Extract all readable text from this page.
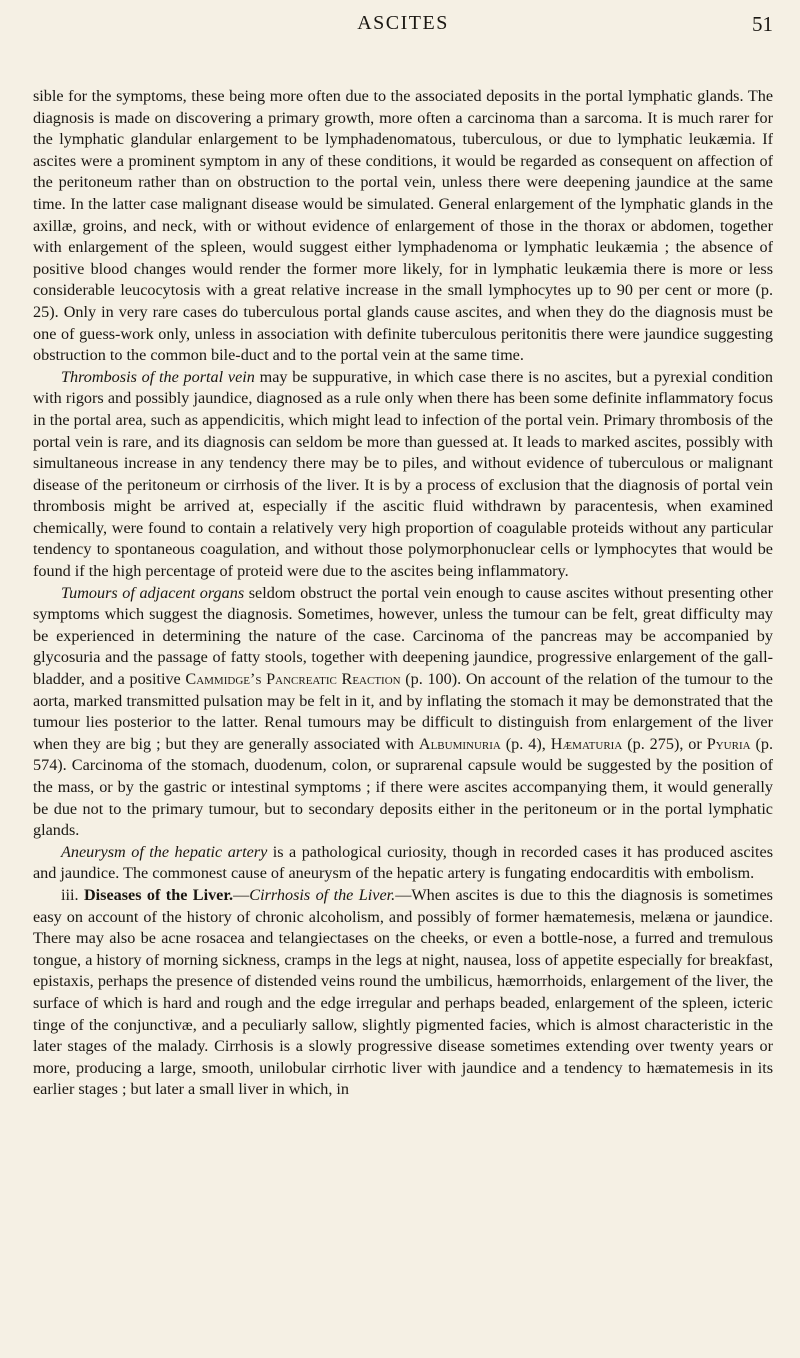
ASCITES	51

sible for the symptoms, these being more often due to the associated deposits in the portal lymphatic glands. The diagnosis is made on discovering a primary growth, more often a carcinoma than a sarcoma. It is much rarer for the lymphatic glandular enlargement to be lymphadenomatous, tuberculous, or due to lymphatic leukæmia. If ascites were a prominent symptom in any of these conditions, it would be regarded as consequent on affection of the peritoneum rather than on obstruction to the portal vein, unless there were deepening jaundice at the same time. In the latter case malignant disease would be simulated. General enlargement of the lymphatic glands in the axillæ, groins, and neck, with or without evidence of enlargement of those in the thorax or abdomen, together with enlargement of the spleen, would suggest either lymphadenoma or lymphatic leukæmia ; the absence of positive blood changes would render the former more likely, for in lymphatic leukæmia there is more or less considerable leucocytosis with a great relative increase in the small lymphocytes up to 90 per cent or more (p. 25). Only in very rare cases do tuberculous portal glands cause ascites, and when they do the diagnosis must be one of guess-work only, unless in association with definite tuberculous peritonitis there were jaundice suggesting obstruction to the common bile-duct and to the portal vein at the same time.

Thrombosis of the portal vein may be suppurative, in which case there is no ascites, but a pyrexial condition with rigors and possibly jaundice, diagnosed as a rule only when there has been some definite inflammatory focus in the portal area, such as appendicitis, which might lead to infection of the portal vein. Primary thrombosis of the portal vein is rare, and its diagnosis can seldom be more than guessed at. It leads to marked ascites, possibly with simultaneous increase in any tendency there may be to piles, and without evidence of tuberculous or malignant disease of the peritoneum or cirrhosis of the liver. It is by a process of exclusion that the diagnosis of portal vein thrombosis might be arrived at, especially if the ascitic fluid withdrawn by paracentesis, when examined chemically, were found to contain a relatively very high proportion of coagulable proteids without any particular tendency to spontaneous coagulation, and without those polymorphonuclear cells or lymphocytes that would be found if the high percentage of proteid were due to the ascites being inflammatory.

Tumours of adjacent organs seldom obstruct the portal vein enough to cause ascites without presenting other symptoms which suggest the diagnosis. Sometimes, however, unless the tumour can be felt, great difficulty may be experienced in determining the nature of the case. Carcinoma of the pancreas may be accompanied by glycosuria and the passage of fatty stools, together with deepening jaundice, progressive enlargement of the gall-bladder, and a positive Cammidge’s Pancreatic Reaction (p. 100). On account of the relation of the tumour to the aorta, marked transmitted pulsation may be felt in it, and by inflating the stomach it may be demonstrated that the tumour lies posterior to the latter. Renal tumours may be difficult to distinguish from enlargement of the liver when they are big ; but they are generally associated with Albuminuria (p. 4), Hæmaturia (p. 275), or Pyuria (p. 574). Carcinoma of the stomach, duodenum, colon, or suprarenal capsule would be suggested by the position of the mass, or by the gastric or intestinal symptoms ; if there were ascites accompanying them, it would generally be due not to the primary tumour, but to secondary deposits either in the peritoneum or in the portal lymphatic glands.

Aneurysm of the hepatic artery is a pathological curiosity, though in recorded cases it has produced ascites and jaundice. The commonest cause of aneurysm of the hepatic artery is fungating endocarditis with embolism.

iii. Diseases of the Liver.—Cirrhosis of the Liver.—When ascites is due to this the diagnosis is sometimes easy on account of the history of chronic alcoholism, and possibly of former hæmatemesis, melæna or jaundice. There may also be acne rosacea and telangiectases on the cheeks, or even a bottle-nose, a furred and tremulous tongue, a history of morning sickness, cramps in the legs at night, nausea, loss of appetite especially for breakfast, epistaxis, perhaps the presence of distended veins round the umbilicus, hæmorrhoids, enlargement of the liver, the surface of which is hard and rough and the edge irregular and perhaps beaded, enlargement of the spleen, icteric tinge of the conjunctivæ, and a peculiarly sallow, slightly pigmented facies, which is almost characteristic in the later stages of the malady. Cirrhosis is a slowly progressive disease sometimes extending over twenty years or more, producing a large, smooth, unilobular cirrhotic liver with jaundice and a tendency to hæmatemesis in its earlier stages ; but later a small liver in which, in
